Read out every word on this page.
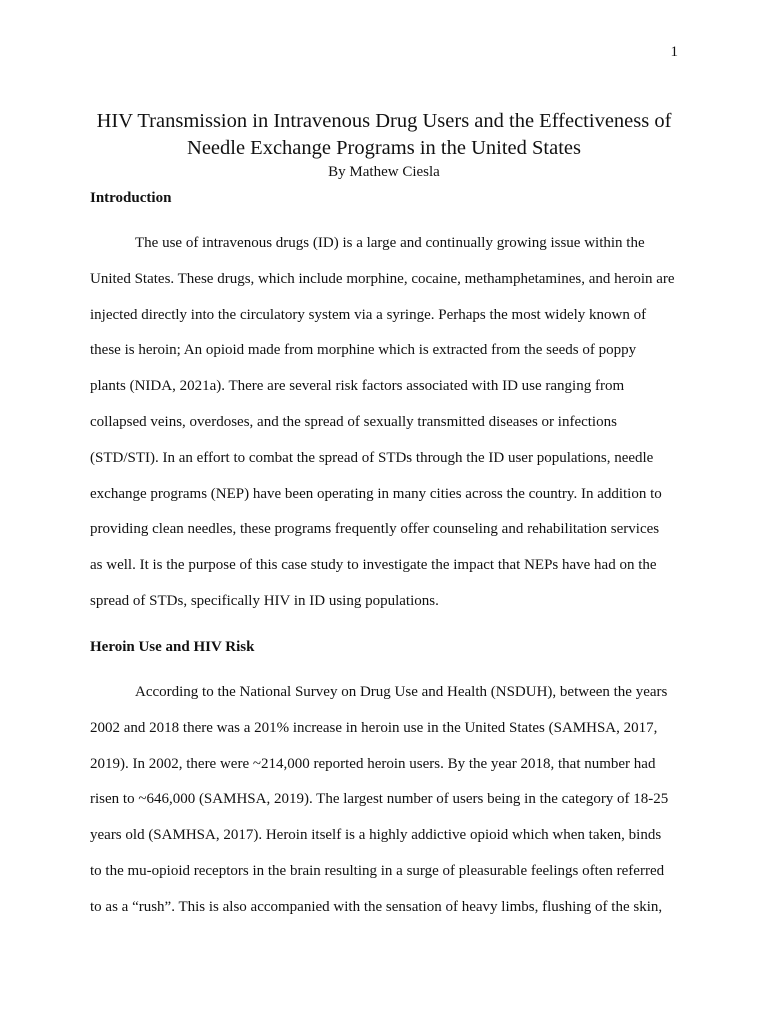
1
HIV Transmission in Intravenous Drug Users and the Effectiveness of
Needle Exchange Programs in the United States

By Mathew Ciesla

Introduction
The use of intravenous drugs (ID) is a large and continually growing issue within the
United States. These drugs, which include morphine, cocaine, methamphetamines, and heroin are
injected directly into the circulatory system via a syringe. Perhaps the most widely known of
these is heroin; An opioid made from morphine which is extracted from the seeds of poppy
plants (NIDA, 2021a). There are several risk factors associated with ID use ranging from
collapsed veins, overdoses, and the spread of sexually transmitted diseases or infections
(STD/STI). In an effort to combat the spread of STDs through the ID user populations, needle
exchange programs (NEP) have been operating in many cities across the country. In addition to
providing clean needles, these programs frequently offer counseling and rehabilitation services
as well. It is the purpose of this case study to investigate the impact that NEPs have had on the
spread of STDs, specifically HIV in ID using populations.
Heroin Use and HIV Risk
According to the National Survey on Drug Use and Health (NSDUH), between the years
2002 and 2018 there was a 201% increase in heroin use in the United States (SAMHSA, 2017,
2019). In 2002, there were ~214,000 reported heroin users. By the year 2018, that number had
risen to ~646,000 (SAMHSA, 2019). The largest number of users being in the category of 18-25
years old (SAMHSA, 2017). Heroin itself is a highly addictive opioid which when taken, binds
to the mu-opioid receptors in the brain resulting in a surge of pleasurable feelings often referred
to as a “rush”. This is also accompanied with the sensation of heavy limbs, flushing of the skin,
